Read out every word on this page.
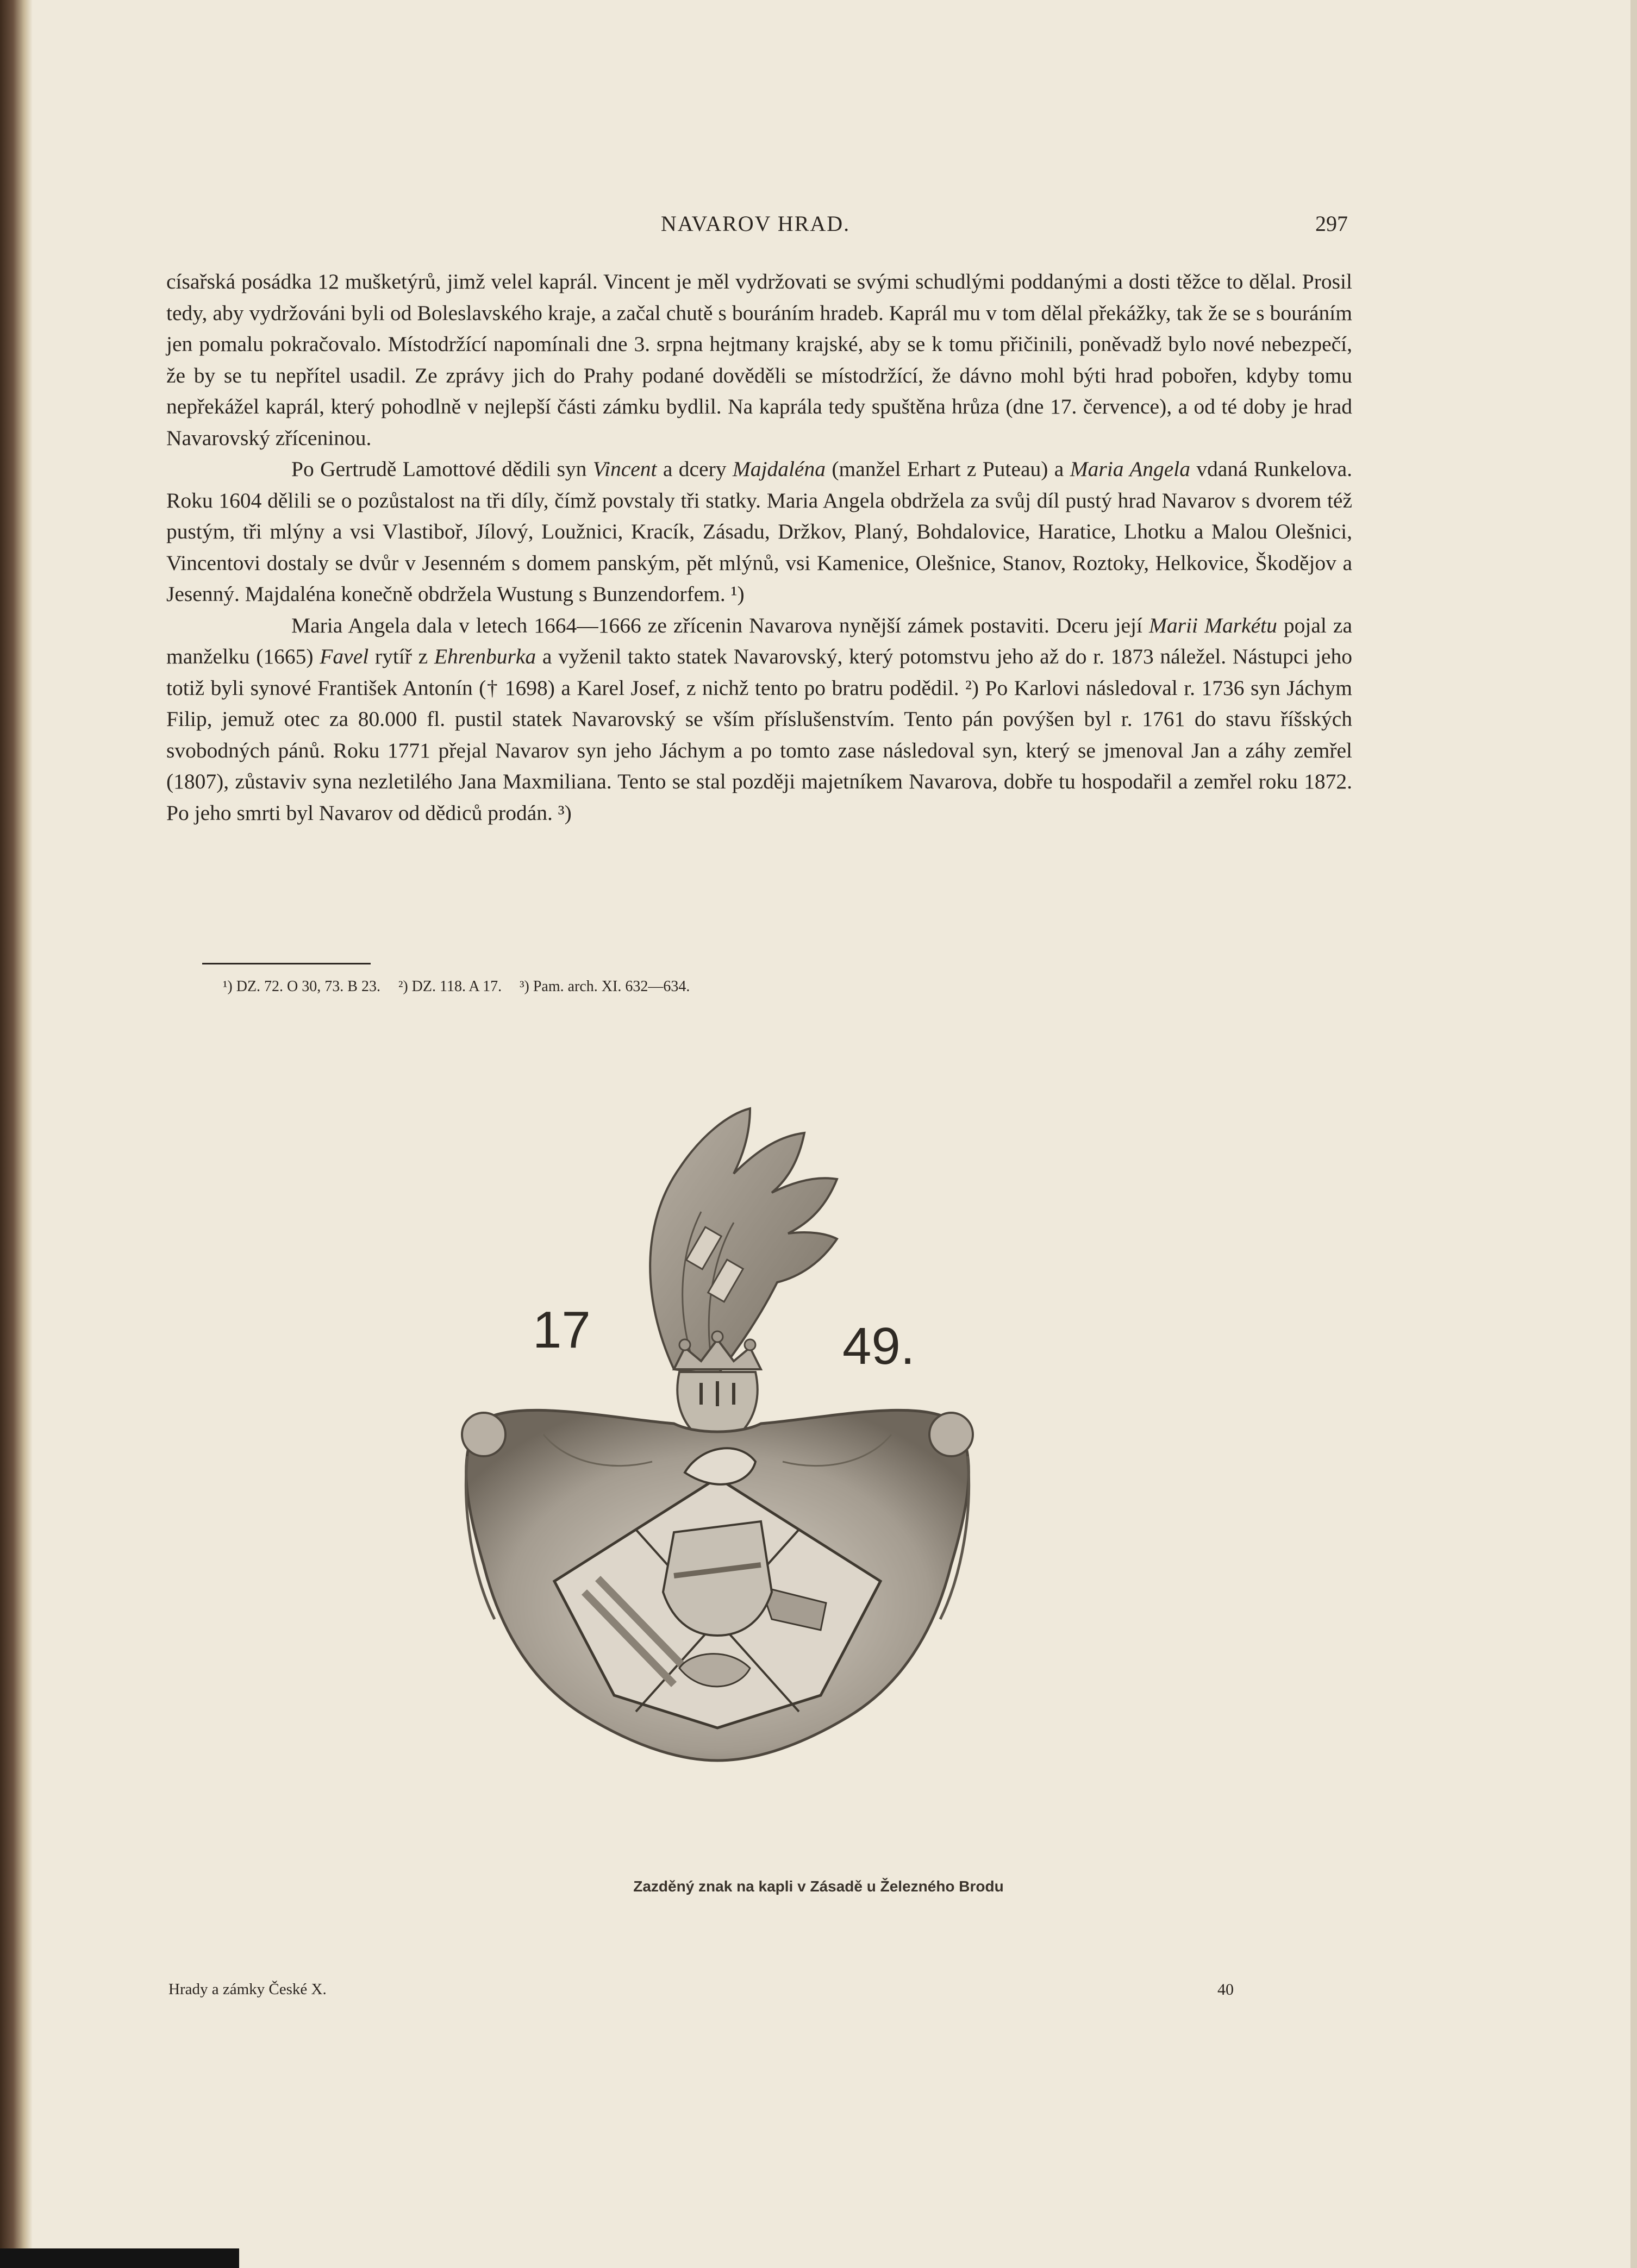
NAVAROV HRAD.	297

císařská posádka 12 mušketýrů, jimž velel kaprál. Vincent je měl vydržovati se svými schudlými poddanými a dosti těžce to dělal. Prosil tedy, aby vydržováni byli od Boleslavského kraje, a začal chutě s bouráním hradeb. Kaprál mu v tom dělal překážky, tak že se s bouráním jen pomalu pokračovalo. Místodržící napomínali dne 3. srpna hejtmany krajské, aby se k tomu přičinili, poněvadž bylo nové nebezpečí, že by se tu nepřítel usadil. Ze zprávy jich do Prahy podané dověděli se místodržící, že dávno mohl býti hrad pobořen, kdyby tomu nepřekážel kaprál, který pohodlně v nejlepší části zámku bydlil. Na kaprála tedy spuštěna hrůza (dne 17. července), a od té doby je hrad Navarovský zříceninou.

Po Gertrudě Lamottové dědili syn Vincent a dcery Majdaléna (manžel Erhart z Puteau) a Maria Angela vdaná Runkelova. Roku 1604 dělili se o pozůstalost na tři díly, čímž povstaly tři statky. Maria Angela obdržela za svůj díl pustý hrad Navarov s dvorem též pustým, tři mlýny a vsi Vlastiboř, Jílový, Loužnici, Kracík, Zásadu, Držkov, Planý, Bohdalovice, Haratice, Lhotku a Malou Olešnici, Vincentovi dostaly se dvůr v Jesenném s domem panským, pět mlýnů, vsi Kamenice, Olešnice, Stanov, Roztoky, Helkovice, Škodějov a Jesenný. Majdaléna konečně obdržela Wustung s Bunzendorfem. ¹)

Maria Angela dala v letech 1664—1666 ze zřícenin Navarova nynější zámek postaviti. Dceru její Marii Markétu pojal za manželku (1665) Favel rytíř z Ehrenburka a vyženil takto statek Navarovský, který potomstvu jeho až do r. 1873 náležel. Nástupci jeho totiž byli synové František Antonín († 1698) a Karel Josef, z nichž tento po bratru podědil. ²) Po Karlovi následoval r. 1736 syn Jáchym Filip, jemuž otec za 80.000 fl. pustil statek Navarovský se vším příslušenstvím. Tento pán povýšen byl r. 1761 do stavu říšských svobodných pánů. Roku 1771 přejal Navarov syn jeho Jáchym a po tomto zase následoval syn, který se jmenoval Jan a záhy zemřel (1807), zůstaviv syna nezletilého Jana Maxmiliana. Tento se stal později majetníkem Navarova, dobře tu hospodařil a zemřel roku 1872. Po jeho smrti byl Navarov od dědiců prodán. ³)

¹) DZ. 72. O 30, 73. B 23. ²) DZ. 118. A 17. ³) Pam. arch. XI. 632—634.
17	49.
Zazděný znak na kapli v Zásadě u Železného Brodu
Hrady a zámky České X.	40
